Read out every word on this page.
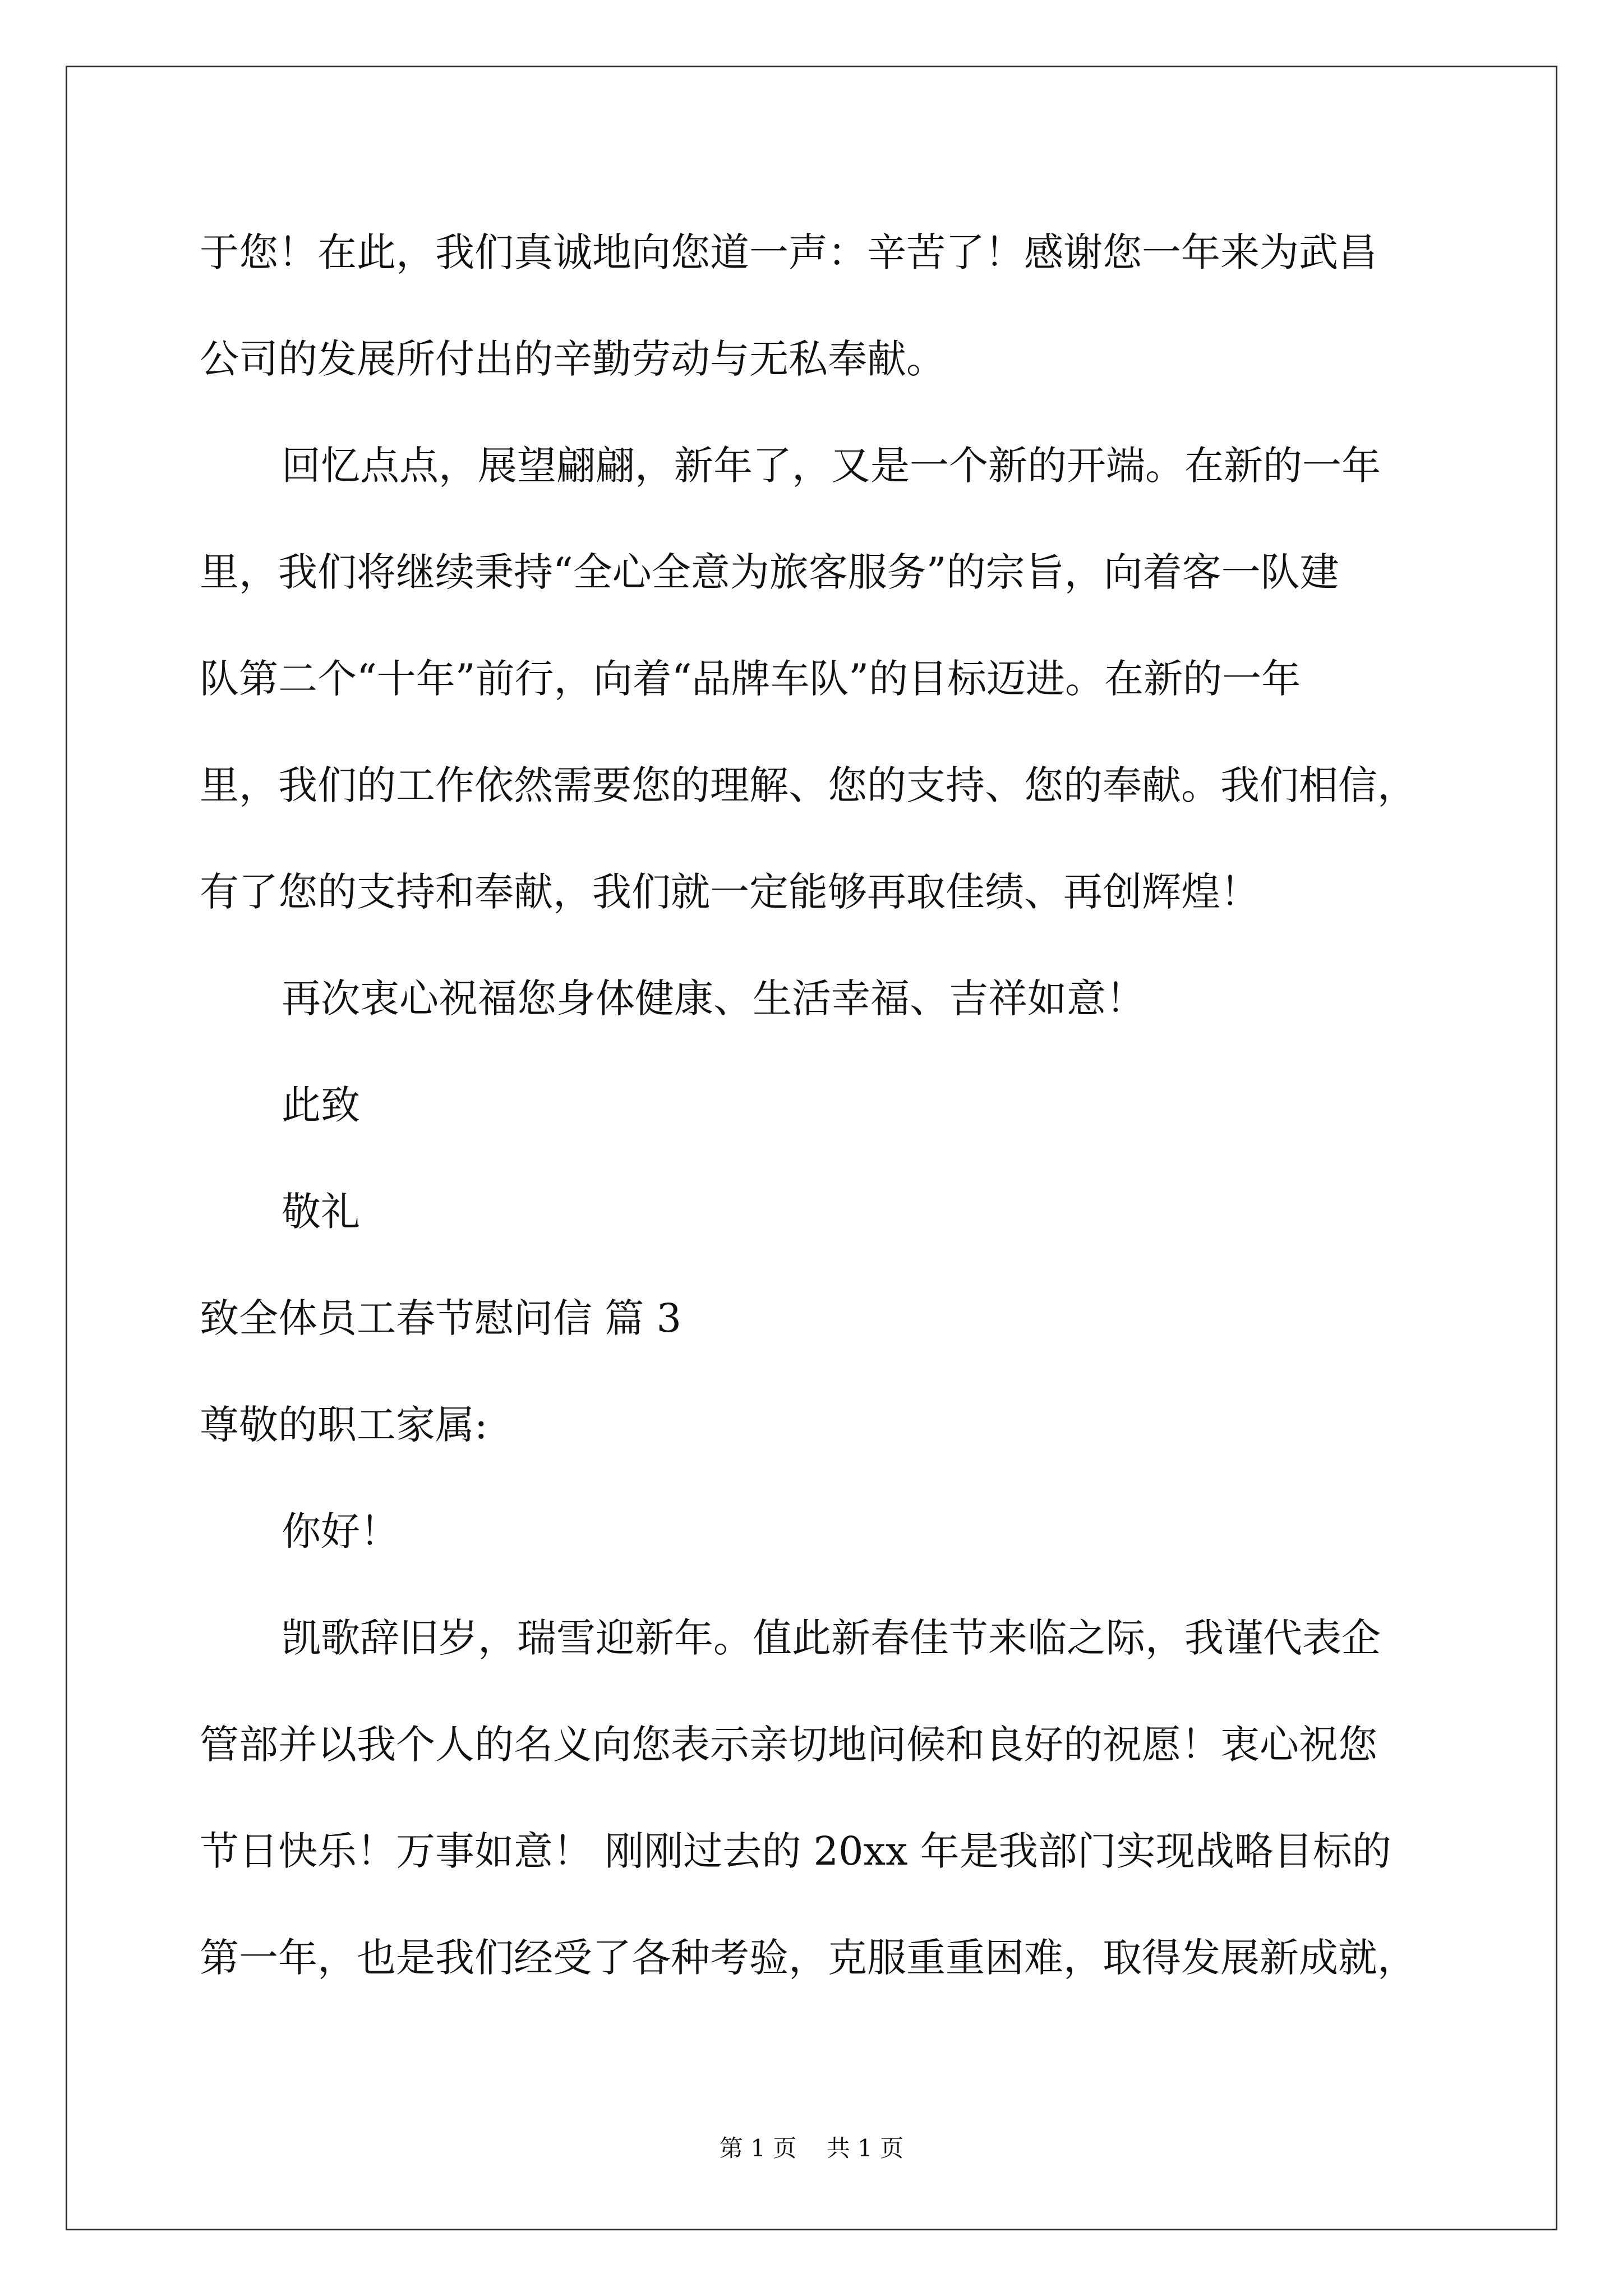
于您！在此，我们真诚地向您道一声：辛苦了！感谢您一年来为武昌
公司的发展所付出的辛勤劳动与无私奉献。
回忆点点，展望翩翩，新年了，又是一个新的开端。在新的一年
里，我们将继续秉持“全心全意为旅客服务”的宗旨，向着客一队建
队第二个“十年”前行，向着“品牌车队”的目标迈进。在新的一年
里，我们的工作依然需要您的理解、您的支持、您的奉献。我们相信，
有了您的支持和奉献，我们就一定能够再取佳绩、再创辉煌！
再次衷心祝福您身体健康、生活幸福、吉祥如意！
此致
敬礼
致全体员工春节慰问信 篇 3
尊敬的职工家属:
你好！
凯歌辞旧岁，瑞雪迎新年。值此新春佳节来临之际，我谨代表企
管部并以我个人的名义向您表示亲切地问候和良好的祝愿！衷心祝您
节日快乐！万事如意！ 刚刚过去的 20xx 年是我部门实现战略目标的
第一年，也是我们经受了各种考验，克服重重困难，取得发展新成就，
第 1 页    共 1 页
